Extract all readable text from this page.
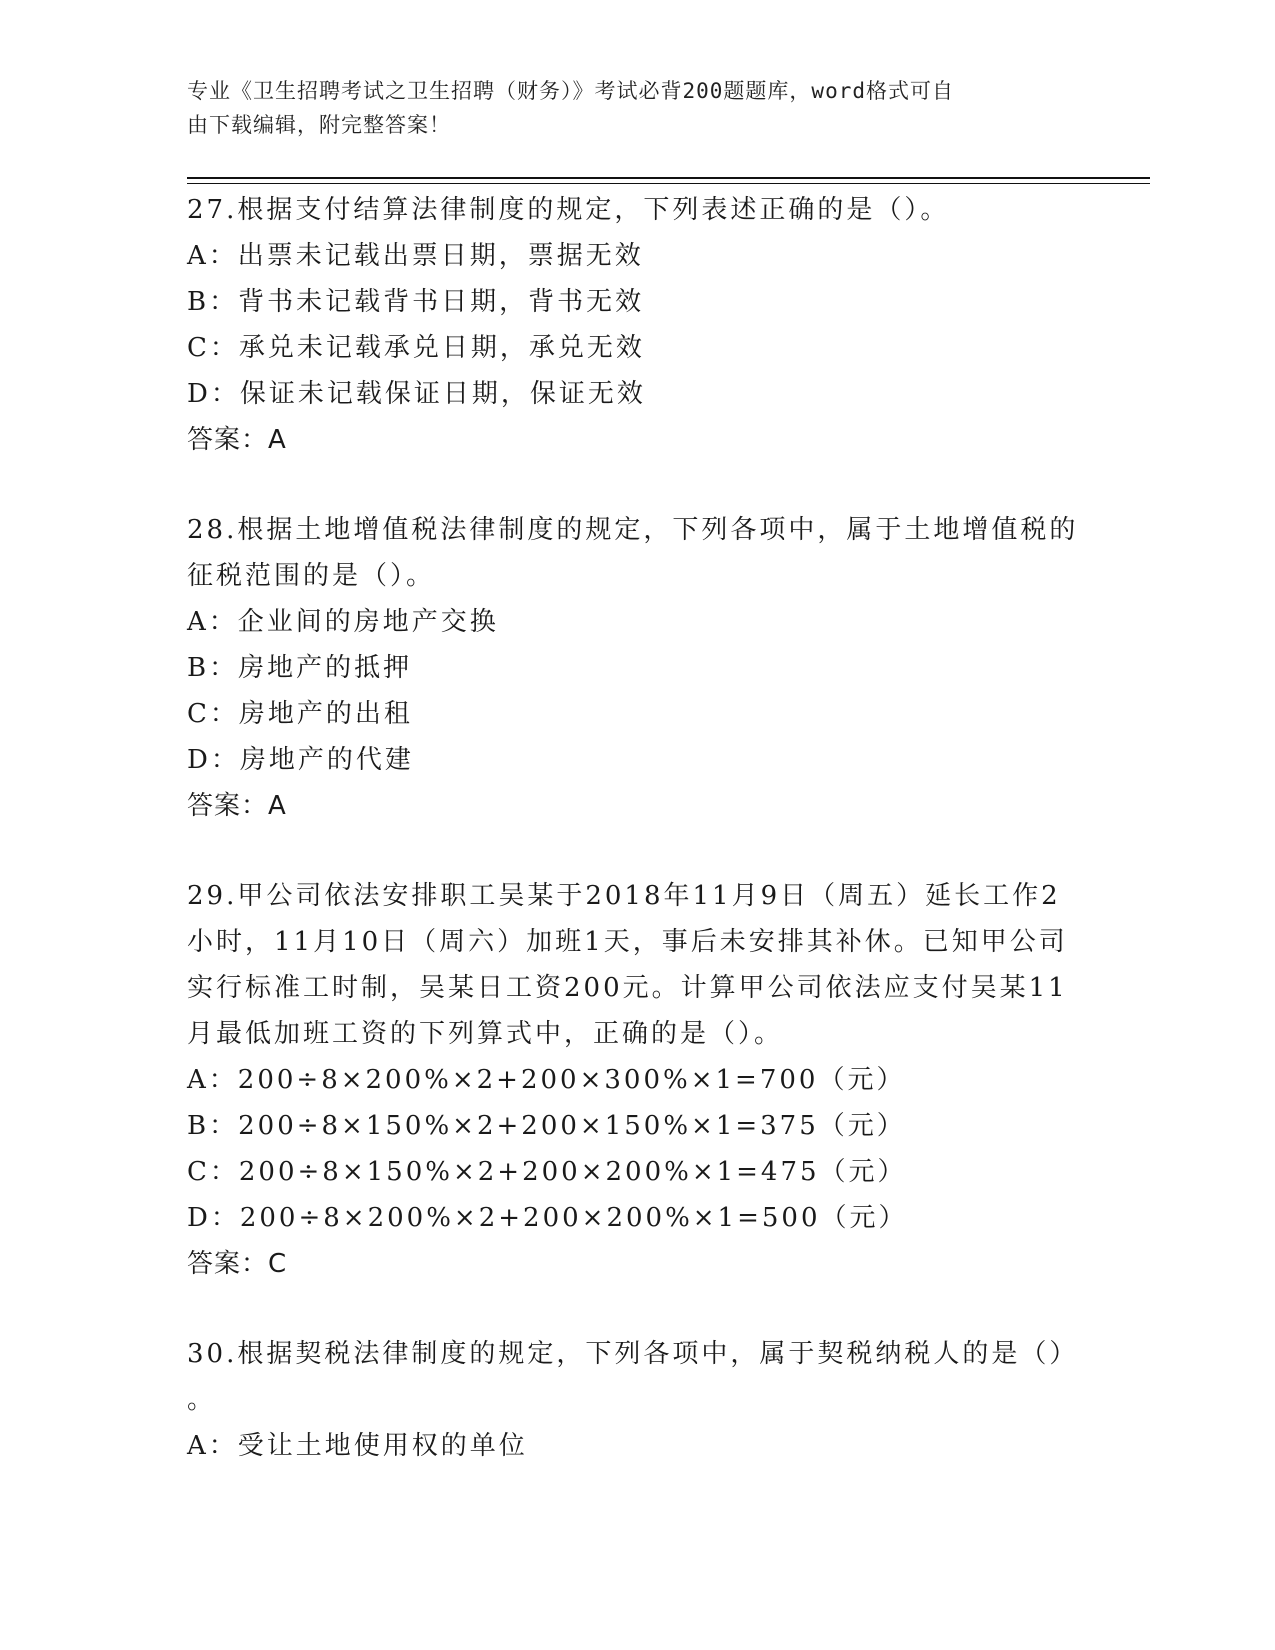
专业《卫生招聘考试之卫生招聘（财务）》考试必背200题题库，word格式可自
由下载编辑，附完整答案！
27.根据支付结算法律制度的规定，下列表述正确的是（）。
A：出票未记载出票日期，票据无效
B：背书未记载背书日期，背书无效
C：承兑未记载承兑日期，承兑无效
D：保证未记载保证日期，保证无效
答案：A
28.根据土地增值税法律制度的规定，下列各项中，属于土地增值税的
征税范围的是（）。
A：企业间的房地产交换
B：房地产的抵押
C：房地产的出租
D：房地产的代建
答案：A
29.甲公司依法安排职工吴某于2018年11月9日（周五）延长工作2
小时，11月10日（周六）加班1天，事后未安排其补休。已知甲公司
实行标准工时制，吴某日工资200元。计算甲公司依法应支付吴某11
月最低加班工资的下列算式中，正确的是（）。
A：200÷8×200%×2+200×300%×1=700（元）
B：200÷8×150%×2+200×150%×1=375（元）
C：200÷8×150%×2+200×200%×1=475（元）
D：200÷8×200%×2+200×200%×1=500（元）
答案：C
30.根据契税法律制度的规定，下列各项中，属于契税纳税人的是（）
。
A：受让土地使用权的单位
